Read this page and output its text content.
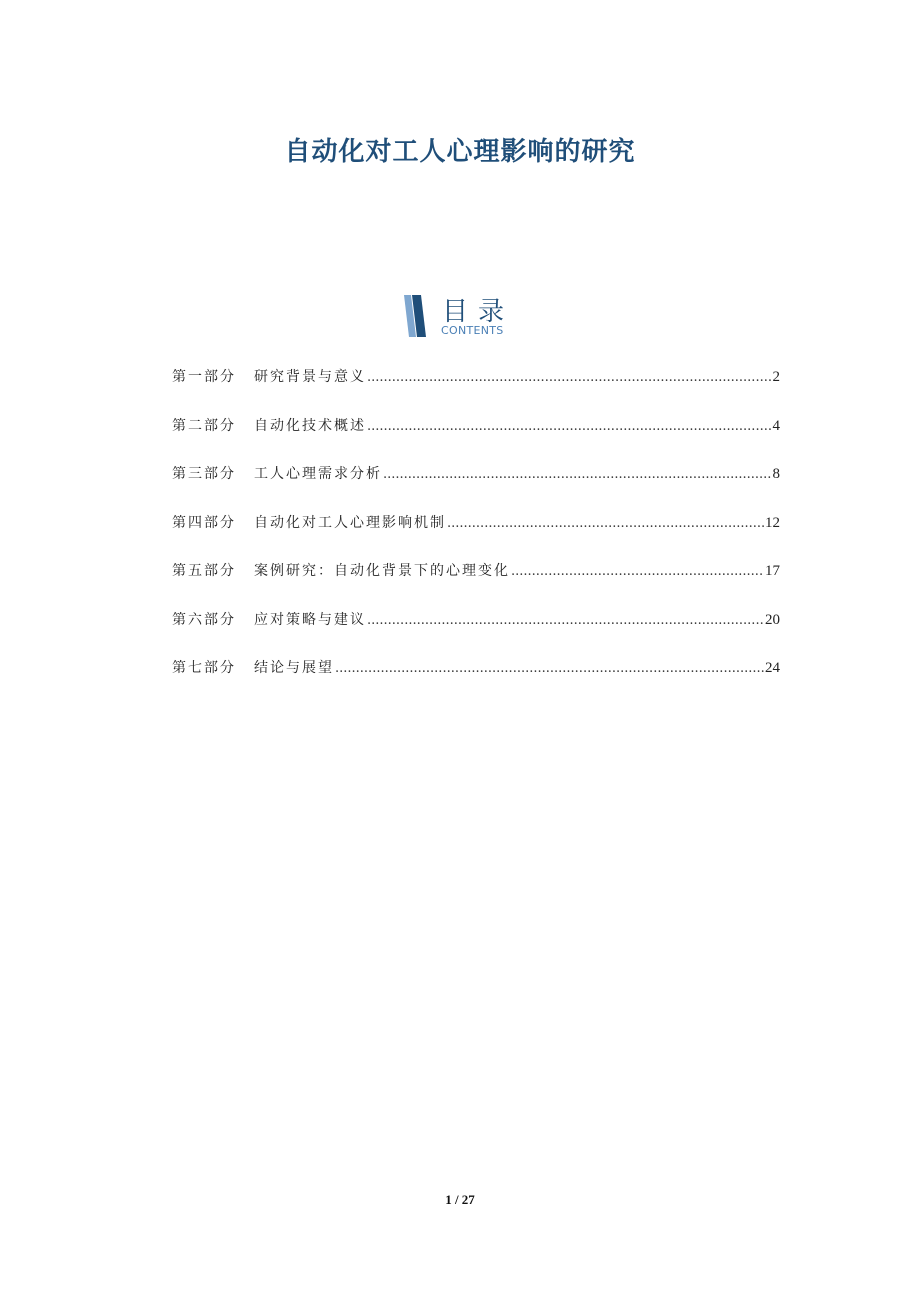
自动化对工人心理影响的研究
目录
CONTENTS
第一部分	研究背景与意义 .....	2
第二部分	自动化技术概述 .....	4
第三部分	工人心理需求分析 .....	8
第四部分	自动化对工人心理影响机制 .....	12
第五部分	案例研究：自动化背景下的心理变化 .....	17
第六部分	应对策略与建议 .....	20
第七部分	结论与展望 .....	24
1 / 27
